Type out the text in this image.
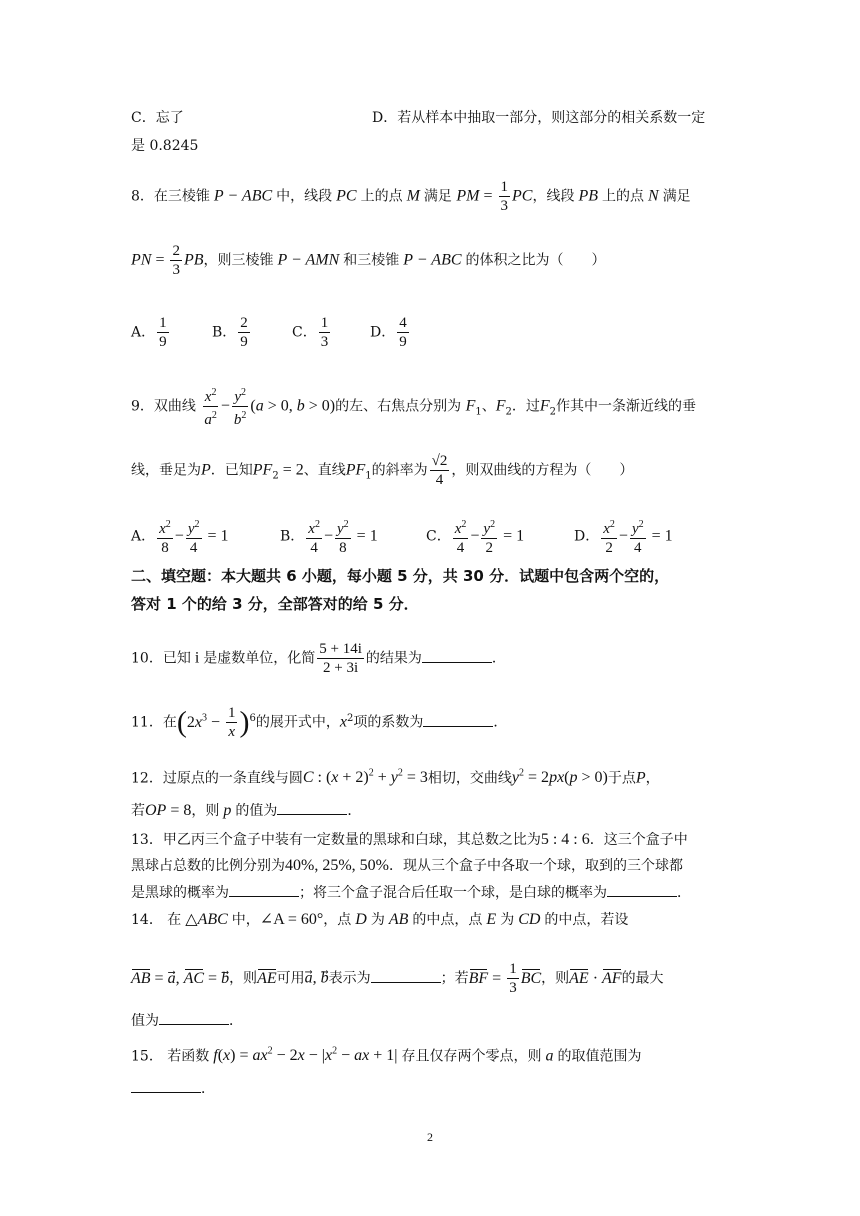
C．忘了	D．若从样本中抽取一部分，则这部分的相关系数一定
是 0.8245
8．在三棱锥 P − ABC 中，线段 PC 上的点 M 满足 PM = $\frac{1}{3}$ PC，线段 PB 上的点 N 满足
PN = $\frac{2}{3}$ PB，则三棱锥 P − AMN 和三棱锥 P − ABC 的体积之比为（　　）
A． $\frac{1}{9}$	B． $\frac{2}{9}$	C． $\frac{1}{3}$	D． $\frac{4}{9}$
9．双曲线 $\frac{x^2}{a^2} - \frac{y^2}{b^2} (a > 0$, b > 0)的左、右焦点分别为 $F_1$、$F_2$．过$F_2$作其中一条渐近线的垂
线，垂足为P．已知$PF_2 = 2$、直线$PF_1$的斜率为 $\frac{√2}{4}$ ，则双曲线的方程为（　　）
A． $\frac{x^2}{8} - \frac{y^2}{4} = 1$	B． $\frac{x^2}{4} - \frac{y^2}{8} = 1$	C． $\frac{x^2}{4} - \frac{y^2}{2} = 1$	D． $\frac{x^2}{2} - \frac{y^2}{4} = 1$
二、填空题：本大题共 6 小题，每小题 5 分，共 30 分．试题中包含两个空的，
答对 1 个的给 3 分，全部答对的给 5 分．
10．已知 i 是虚数单位，化简 $\frac{5 + 14i}{2 + 3i}$ 的结果为	．
11．在$(2x^3 - \frac{1}{x} )^6$的展开式中，$x^2$项的系数为	．
12．过原点的一条直线与圆C : $(x + 2)^2 + y^2 = 3$相切，交曲线$y^2 = 2px(p > 0)$于点P，
若OP = 8，则 p 的值为	．
13．甲乙丙三个盒子中装有一定数量的黑球和白球，其总数之比为5 : 4 : 6．这三个盒子中
黑球占总数的比例分别为40%, 25%, 50%．现从三个盒子中各取一个球，取到的三个球都
是黑球的概率为	；将三个盒子混合后任取一个球，是白球的概率为	．
14． 在 △ABC 中，∠A = 60°，点 D 为 AB 的中点，点 E 为 CD 的中点，若设
AB = a⃗, AC = b，则AE可用a⃗, b表示为	；若BF = $\frac{1}{3}$ BC，则AE · AF的最大
值为	．
15． 若函数 $f(x) = ax^2 - 2x - |x^2$ − ax + 1| 存且仅存两个零点，则 a 的取值范围为
．
2
